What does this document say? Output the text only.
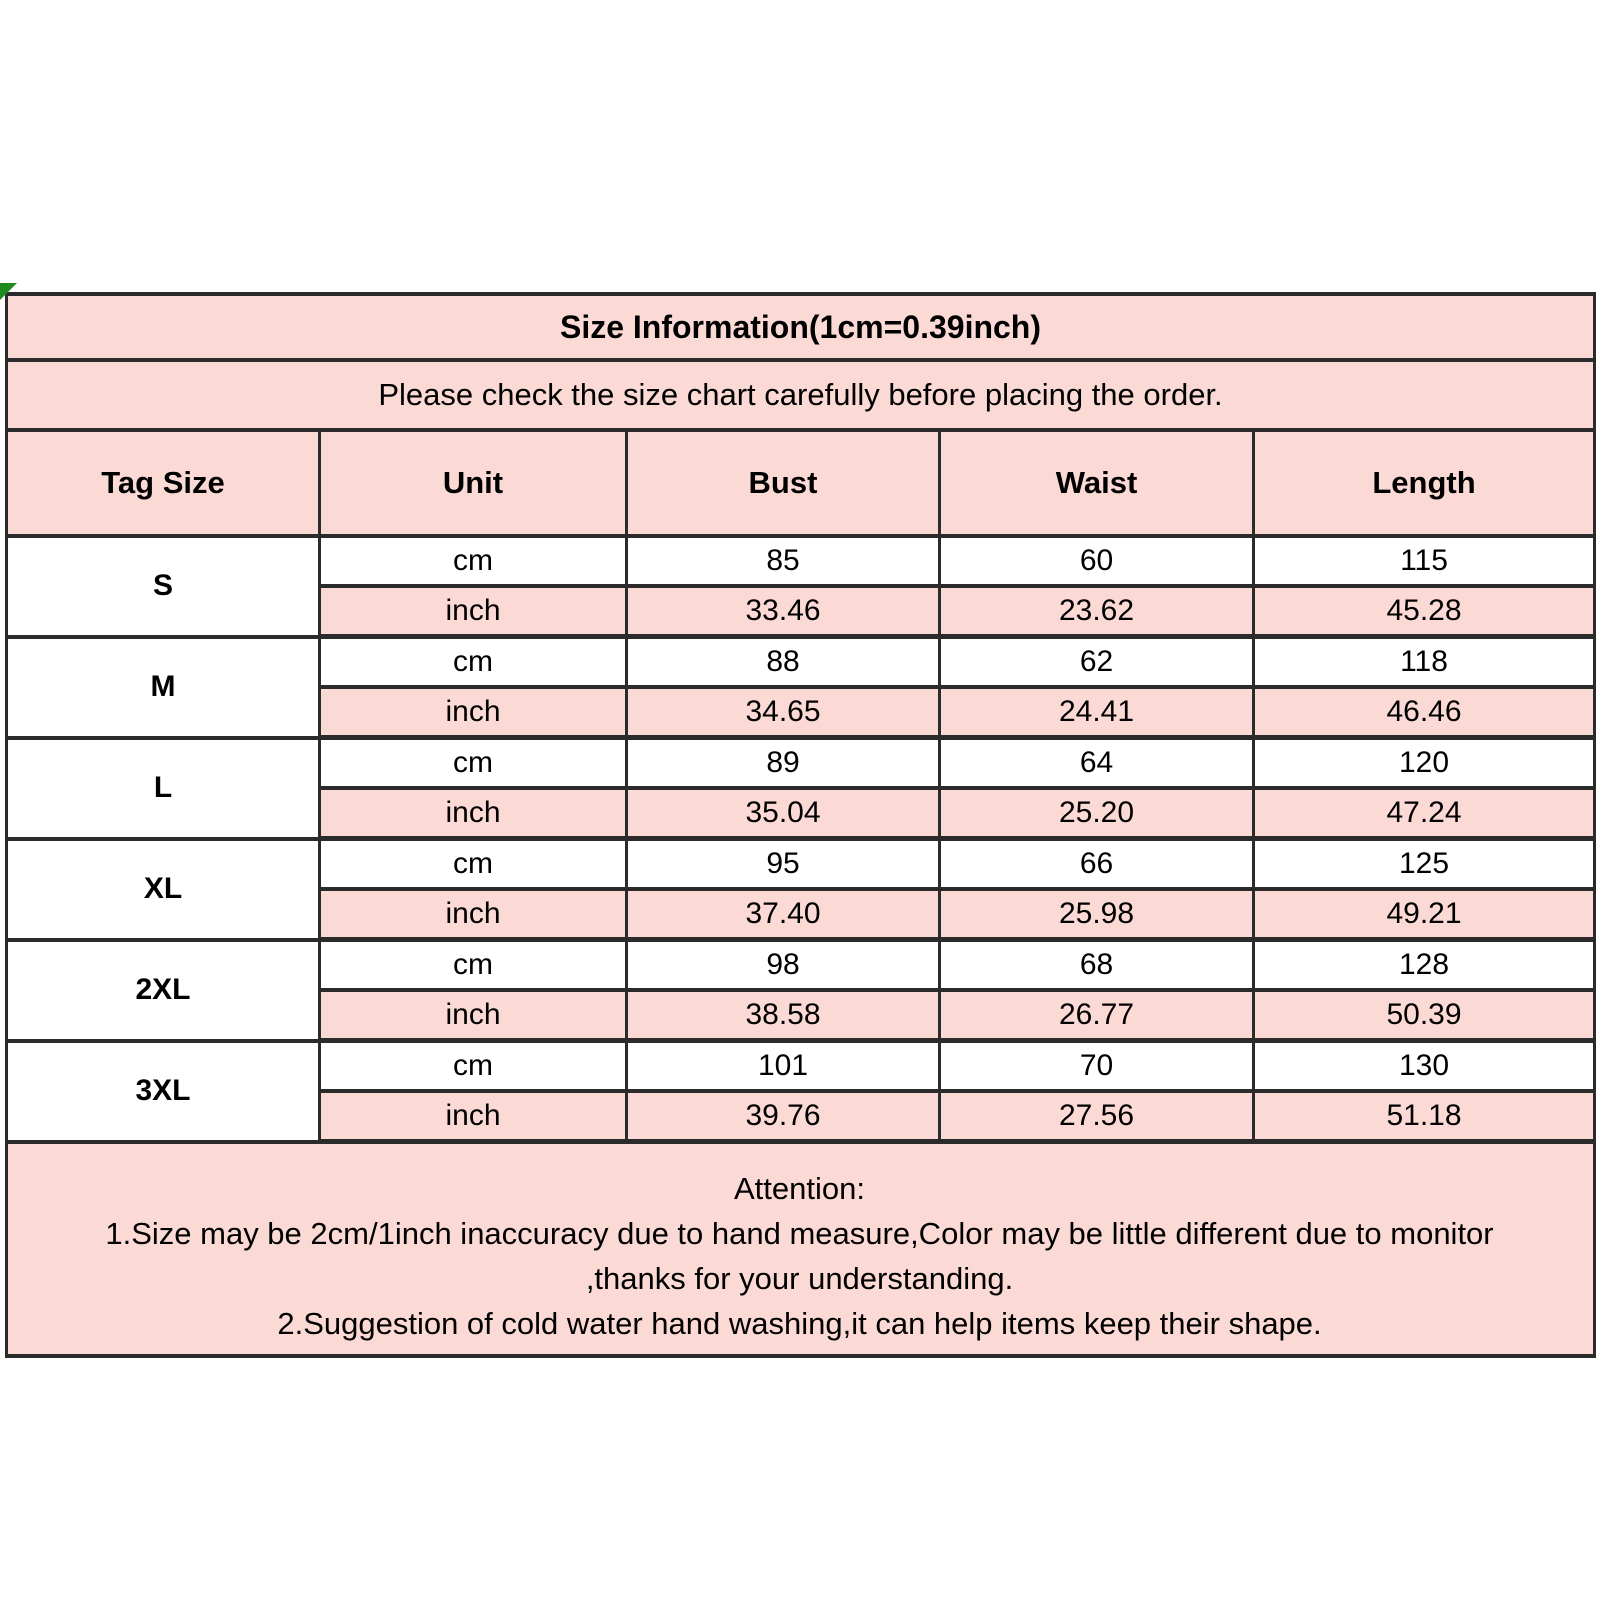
Size Information(1cm=0.39inch)				
Please check the size chart carefully before placing the order.				
Tag Size	Unit	Bust	Waist	Length
S	cm	85	60	115
	inch	33.46	23.62	45.28
M	cm	88	62	118
	inch	34.65	24.41	46.46
L	cm	89	64	120
	inch	35.04	25.20	47.24
XL	cm	95	66	125
	inch	37.40	25.98	49.21
2XL	cm	98	68	128
	inch	38.58	26.77	50.39
3XL	cm	101	70	130
	inch	39.76	27.56	51.18

Attention:
1.Size may be 2cm/1inch inaccuracy due to hand measure,Color may be little different due to monitor
,thanks for your understanding.
2.Suggestion of cold water hand washing,it can help items keep their shape.				
